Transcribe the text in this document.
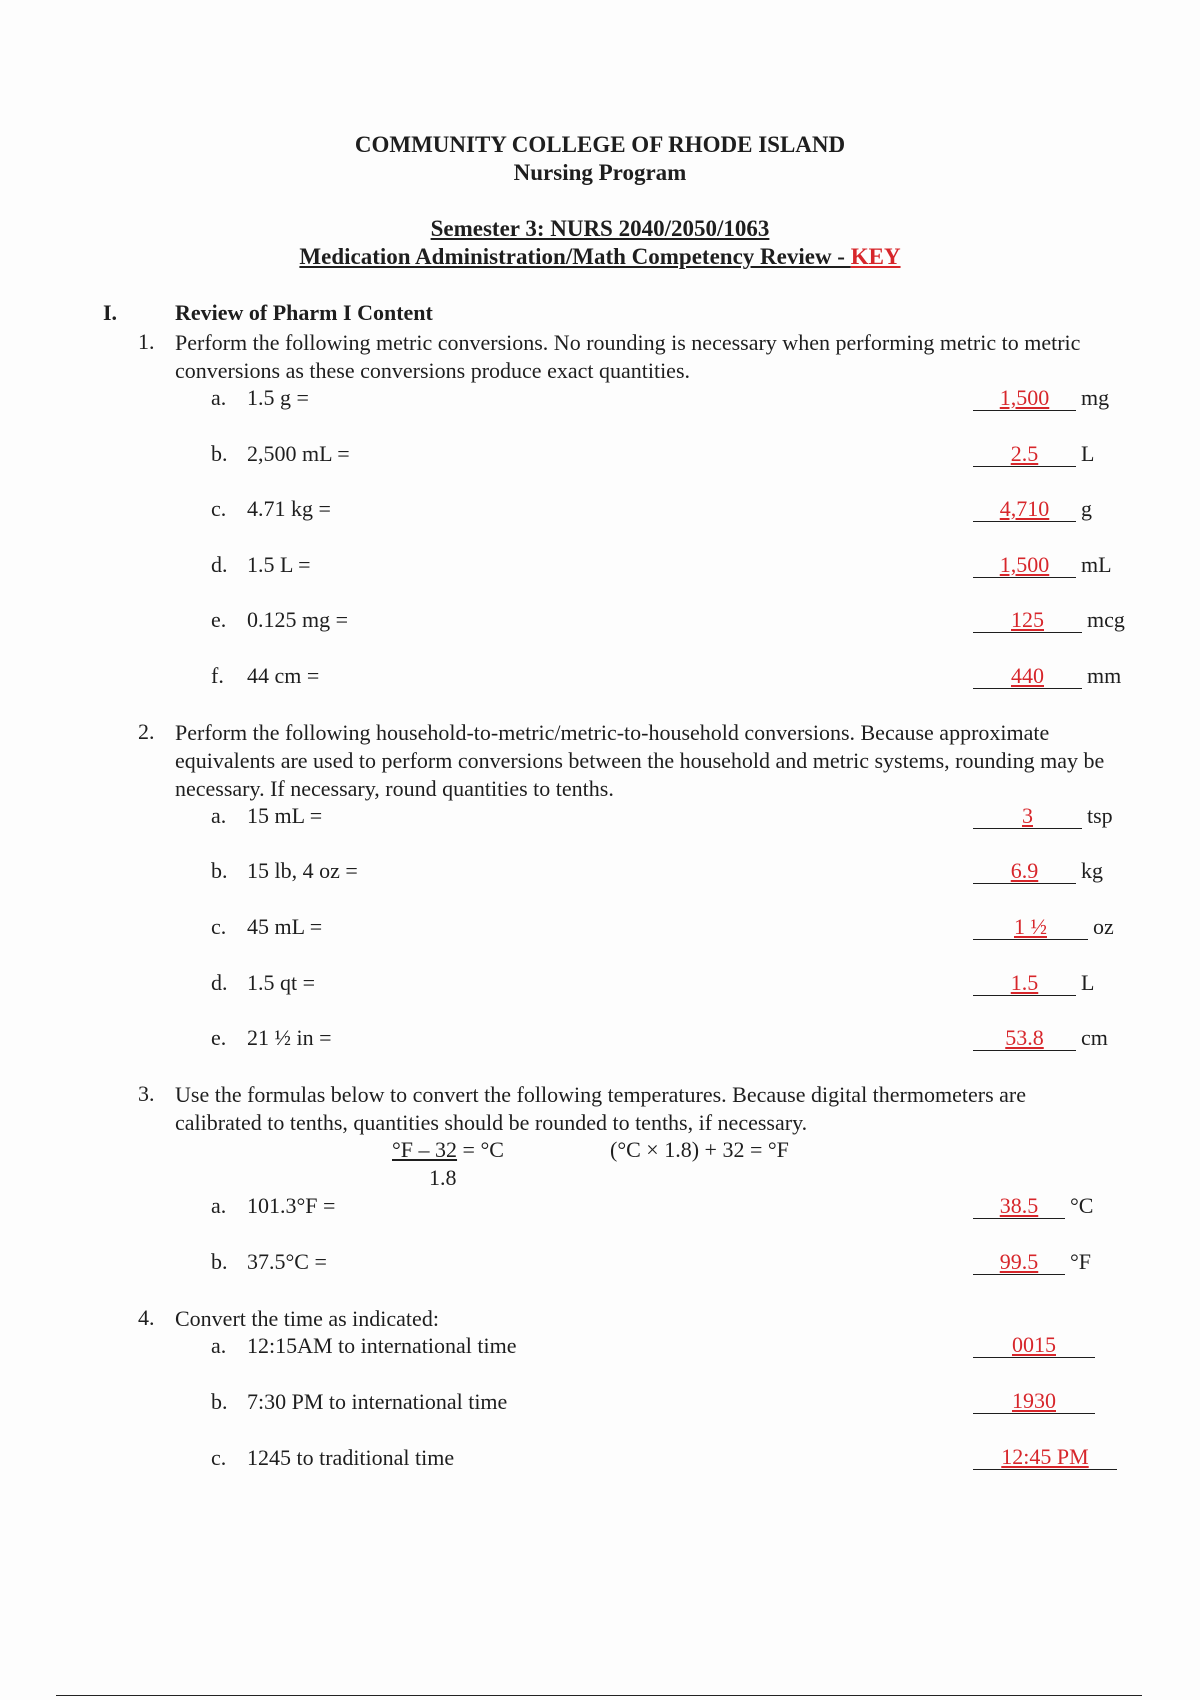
COMMUNITY COLLEGE OF RHODE ISLAND
Nursing Program
Semester 3: NURS 2040/2050/1063
Medication Administration/Math Competency Review - KEY
I.	Review of Pharm I Content
1. Perform the following metric conversions. No rounding is necessary when performing metric to metric conversions as these conversions produce exact quantities.
a. 1.5 g =	1,500	mg
b. 2,500 mL =	2.5	L
c. 4.71 kg =	4,710	g
d. 1.5 L =	1,500	mL
e. 0.125 mg =	125	mcg
f. 44 cm =	440	mm
2. Perform the following household-to-metric/metric-to-household conversions. Because approximate equivalents are used to perform conversions between the household and metric systems, rounding may be necessary. If necessary, round quantities to tenths.
a. 15 mL =	3	tsp
b. 15 lb, 4 oz =	6.9	kg
c. 45 mL =	1 ½	oz
d. 1.5 qt =	1.5	L
e. 21 ½ in =	53.8	cm
3. Use the formulas below to convert the following temperatures. Because digital thermometers are calibrated to tenths, quantities should be rounded to tenths, if necessary.
°F – 32 = °C
1.8
(°C × 1.8) + 32 = °F
a. 101.3°F =	38.5	°C
b. 37.5°C =	99.5	°F
4. Convert the time as indicated:
a. 12:15AM to international time	0015
b. 7:30 PM to international time	1930
c. 1245 to traditional time	12:45 PM
